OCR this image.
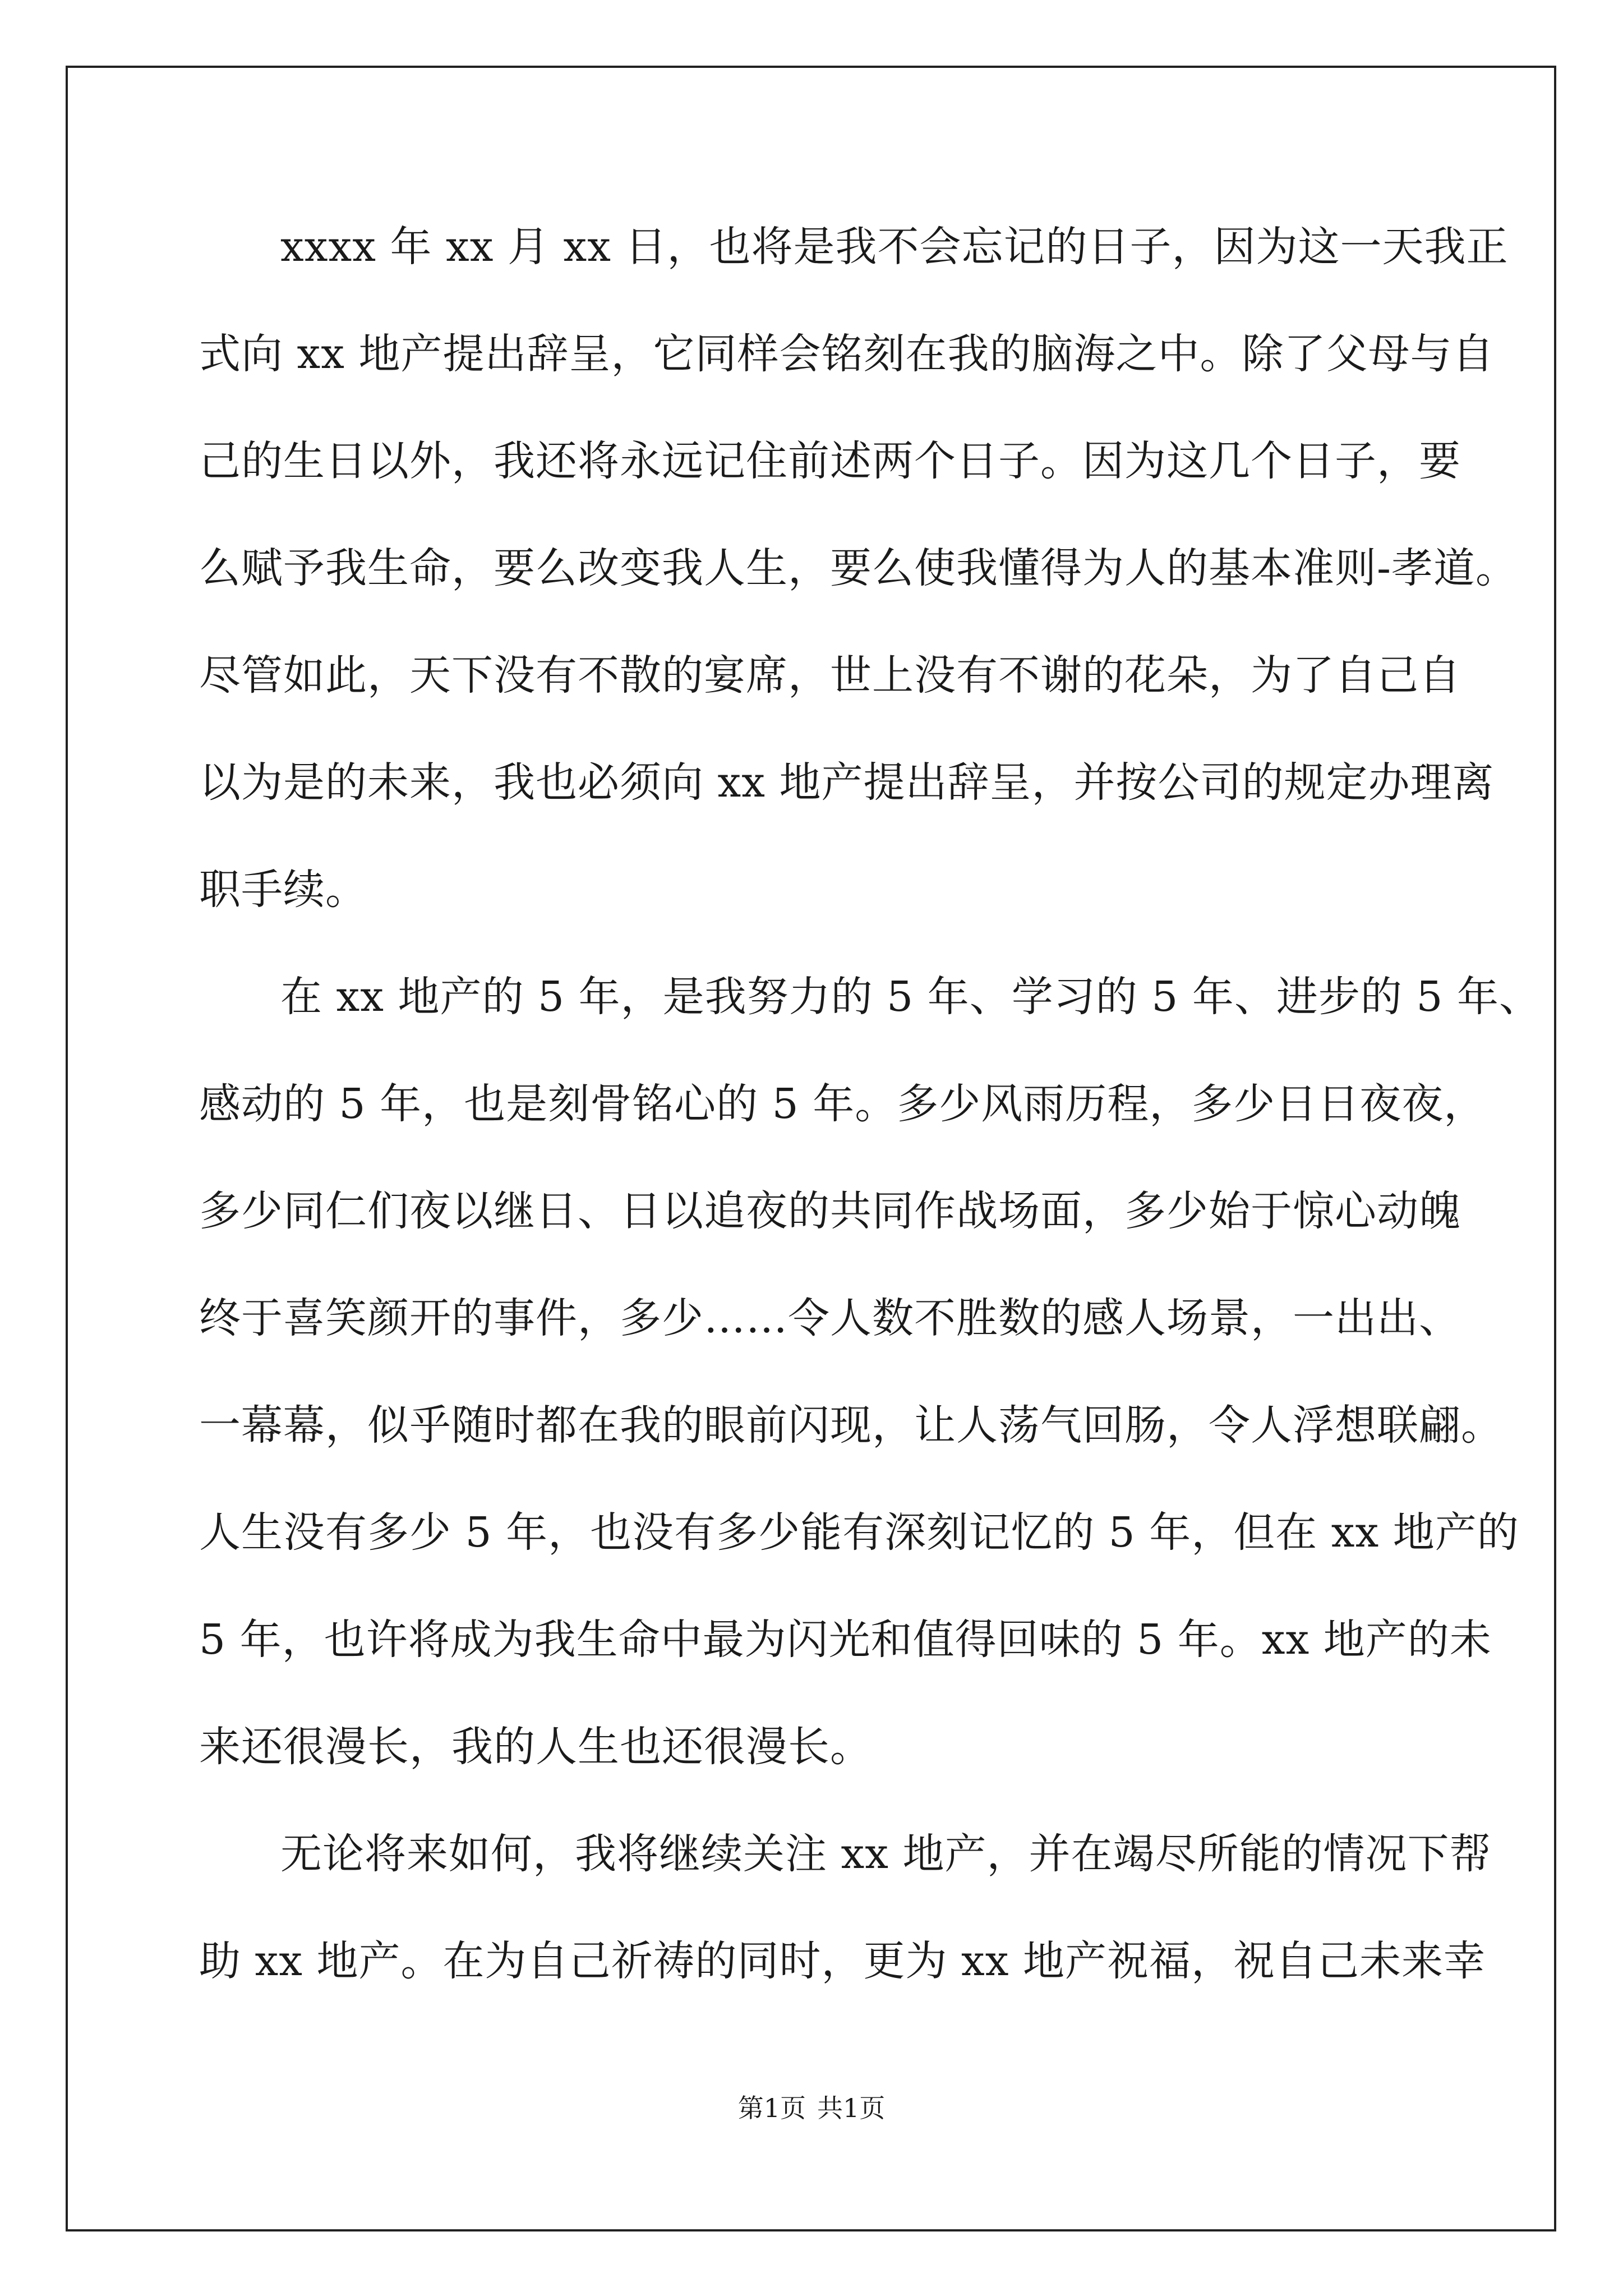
xxxx 年 xx 月 xx 日，也将是我不会忘记的日子，因为这一天我正
式向 xx 地产提出辞呈，它同样会铭刻在我的脑海之中。除了父母与自
己的生日以外，我还将永远记住前述两个日子。因为这几个日子，要
么赋予我生命，要么改变我人生，要么使我懂得为人的基本准则-孝道。
尽管如此，天下没有不散的宴席，世上没有不谢的花朵，为了自己自
以为是的未来，我也必须向 xx 地产提出辞呈，并按公司的规定办理离
职手续。
在 xx 地产的 5 年，是我努力的 5 年、学习的 5 年、进步的 5 年、
感动的 5 年，也是刻骨铭心的 5 年。多少风雨历程，多少日日夜夜，
多少同仁们夜以继日、日以追夜的共同作战场面，多少始于惊心动魄
终于喜笑颜开的事件，多少……令人数不胜数的感人场景，一出出、
一幕幕，似乎随时都在我的眼前闪现，让人荡气回肠，令人浮想联翩。
人生没有多少 5 年，也没有多少能有深刻记忆的 5 年，但在 xx 地产的
5 年，也许将成为我生命中最为闪光和值得回味的 5 年。xx 地产的未
来还很漫长，我的人生也还很漫长。
无论将来如何，我将继续关注 xx 地产，并在竭尽所能的情况下帮
助 xx 地产。在为自己祈祷的同时，更为 xx 地产祝福，祝自己未来幸
第1页 共1页
